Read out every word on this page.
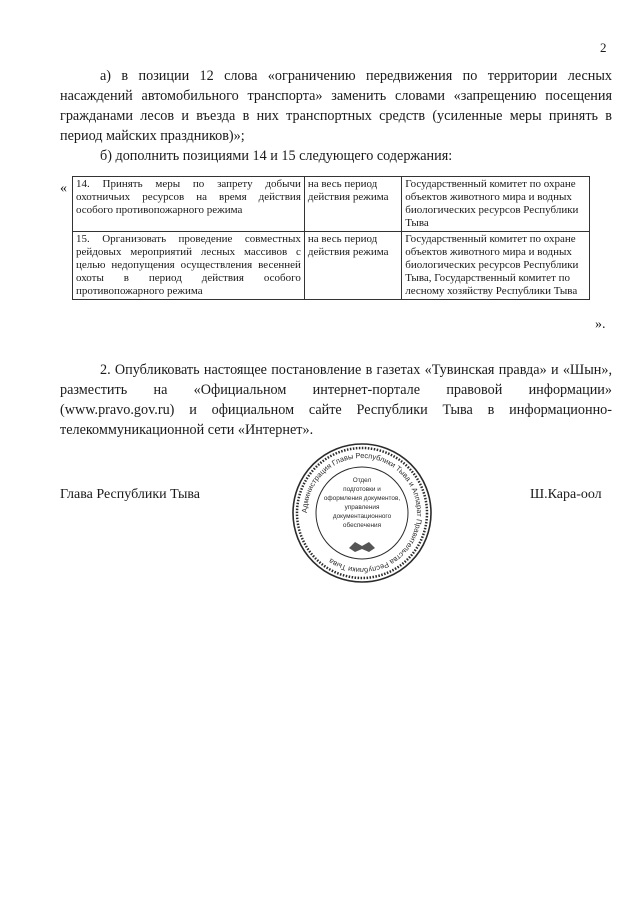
2

а) в позиции 12 слова «ограничению передвижения по территории лесных насаждений автомобильного транспорта» заменить словами «запрещению посещения гражданами лесов и въезда в них транспортных средств (усиленные меры принять в период майских праздников)»;

б) дополнить позициями 14 и 15 следующего содержания:

« 14. Принять меры по запрету добычи охотничьих ресурсов на время действия особого противопожарного режима	на весь период действия режима	Государственный комитет по охране объектов животного мира и водных биологических ресурсов Республики Тыва
15. Организовать проведение совместных рейдовых мероприятий лесных массивов с целью недопущения осуществления весенней охоты в период действия особого противопожарного режима	на весь период действия режима	Государственный комитет по охране объектов животного мира и водных биологических ресурсов Республики Тыва, Государственный комитет по лесному хозяйству Республики Тыва
».

2. Опубликовать настоящее постановление в газетах «Тувинская правда» и «Шын», разместить на «Официальном интернет-портале правовой информации» (www.pravo.gov.ru) и официальном сайте Республики Тыва в информационно-телекоммуникационной сети «Интернет».

Глава Республики Тыва	Ш.Кара-оол
Администрация Главы Республики Тыва и Аппарат Правительства Республики Тыва
Отдел
подготовки и
оформления документов,
управления
документационного
обеспечения
